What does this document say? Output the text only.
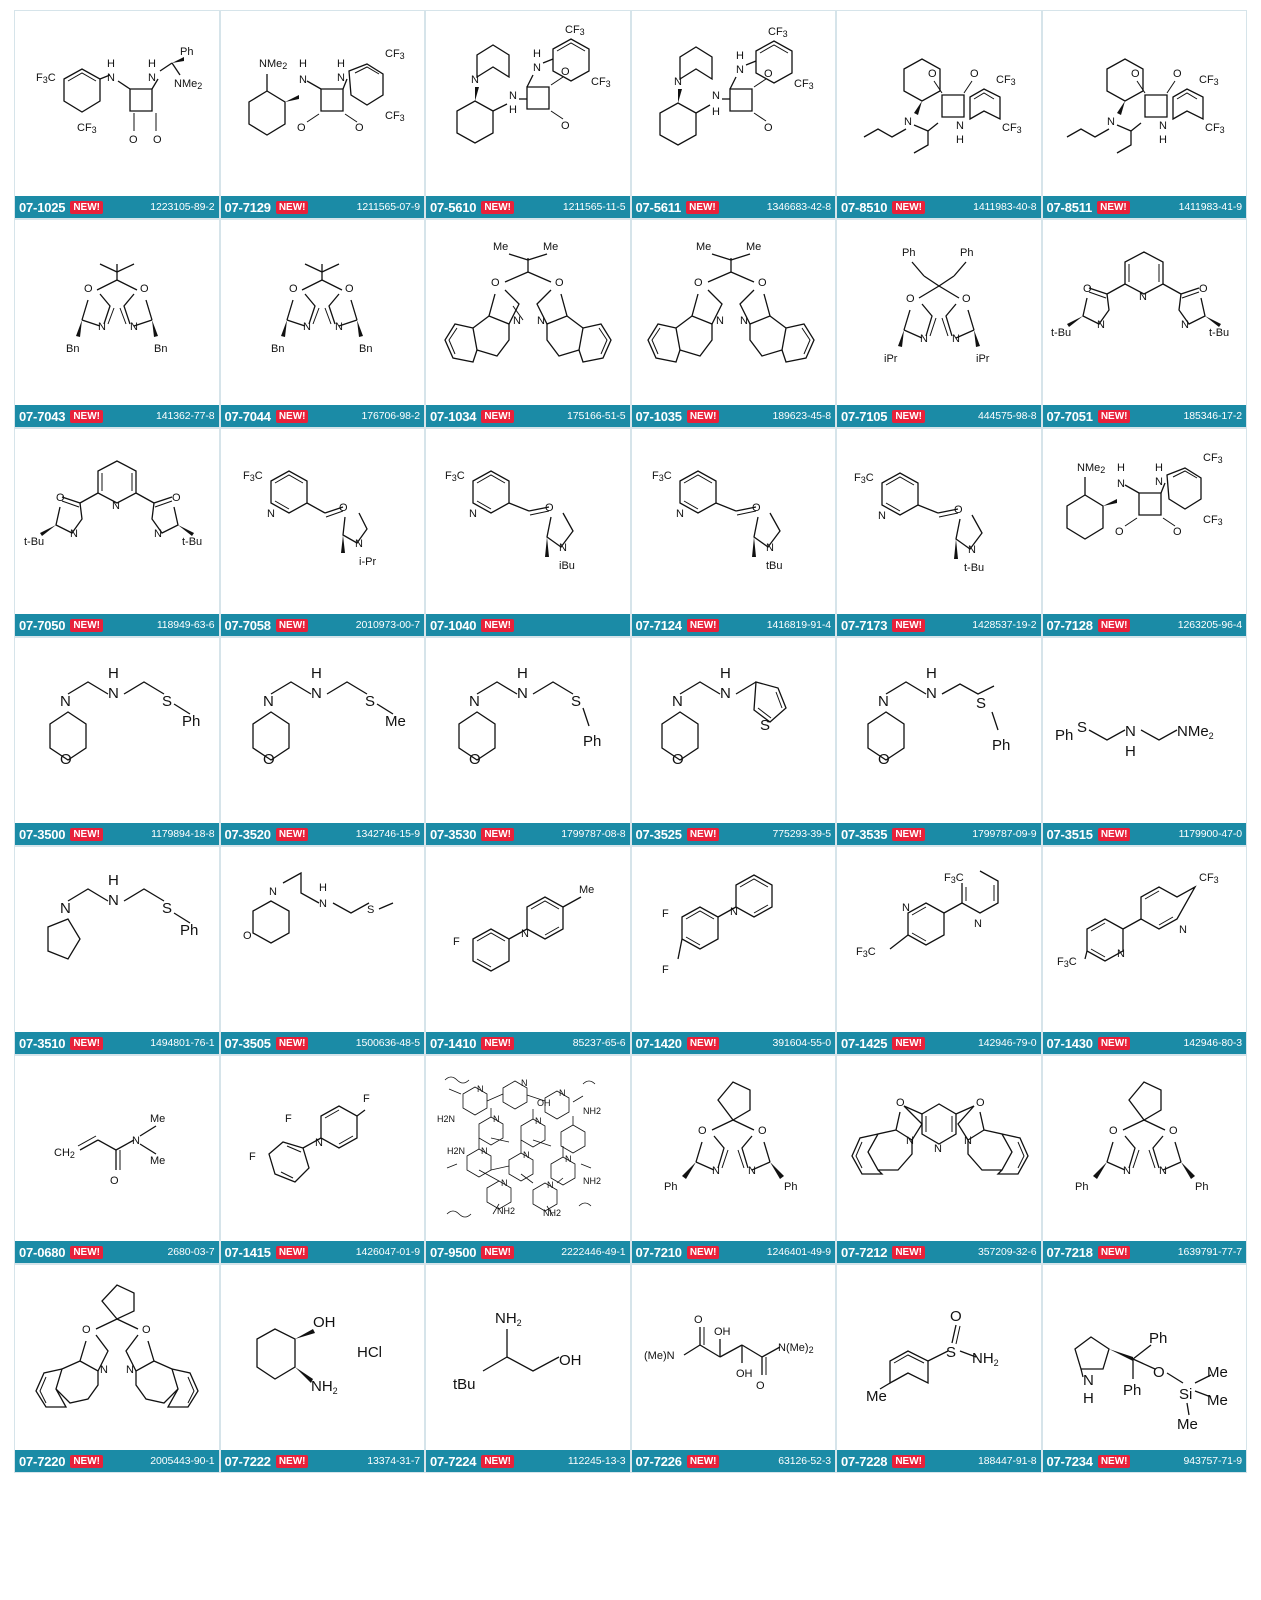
F3C
CF3
H
N
O O
H
N
Ph
NMe2
07-1025 NEW!	1223105-89-2
NMe2 H
N
O	O
H
N
CF3
CF3
07-7129 NEW!	1211565-07-9
CF3
CF3
H
N
O
O
N
H
N
07-5610 NEW!	1211565-11-5
CF3
CF3
H
N
O
O
N
H
N
07-5611 NEW!	1346683-42-8
N
O	O
N
H
CF3
CF3
07-8510 NEW!	1411983-40-8
N
O	O
N
H
CF3
CF3
07-8511 NEW!	1411983-41-9
O	O
N N
Bn	Bn
07-7043 NEW!	141362-77-8
O	O
N N
Bn	Bn
07-7044 NEW!	176706-98-2
Me	Me
O	O
N N
07-1034 NEW!	175166-51-5
Me	Me
O	O
N N
07-1035 NEW!	189623-45-8
Ph	Ph
O	O
N N
iPr	iPr
07-7105 NEW!	444575-98-8
N
O	O
N	N
t-Bu	t-Bu
07-7051 NEW!	185346-17-2
N
O	O
N	N
t-Bu	t-Bu
07-7050 NEW!	118949-63-6
F3C
N	O
N
i-Pr
07-7058 NEW!	2010973-00-7
F3C
N	O
N
iBu
07-1040 NEW!
F3C
N	O
N
tBu
07-7124 NEW!	1416819-91-4
F3C
N	O
N
t-Bu
07-7173 NEW!	1428537-19-2
NMe2 H
N
O	O
H
N
CF3
CF3
07-7128 NEW!	1263205-96-4
H
N	S
Ph
N
O
07-3500 NEW!	1179894-18-8
H
N	S
Me
N
O
07-3520 NEW!	1342746-15-9
H
N	S
Ph
N
O
07-3530 NEW!	1799787-08-8
H
N
S
N
O
07-3525 NEW!	775293-39-5
H
N
S
Ph
N
O
07-3535 NEW!	1799787-09-9
Ph S	N
H
NMe$_2$
07-3515 NEW!	1179900-47-0
H
N	S
Ph
N
07-3510 NEW!	1494801-76-1
H
N	S
N
O
07-3505 NEW!	1500636-48-5
F
N
Me
07-1410 NEW!	85237-65-6
F
F
N
07-1420 NEW!	391604-55-0
F3C
N
N
F3C
07-1425 NEW!	142946-79-0
CF3
N
N
F3C
07-1430 NEW!	142946-80-3
CH2
O
N
Me
Me
07-0680 NEW!	2680-03-7
F
F
N
F
07-1415 NEW!	1426047-01-9
H2N
H2N
NH2	NH2
NH2
NH2
N
N
N
N	N
N	N	N
N	N
OH
07-9500 NEW!	2222446-49-1
O	O
N	N
Ph	Ph
07-7210 NEW!	1246401-49-9
N
O	O
N	N
07-7212 NEW!	357209-32-6
O	O
N	N
Ph	Ph
07-7218 NEW!	1639791-77-7
O	O
N N
07-7220 NEW!	2005443-90-1
OH
$NH_2$
HCl
07-7222 NEW!	13374-31-7
$NH_2$
tBu
OH
07-7224 NEW!	112245-13-3
(Me)N
O
OH
OH
O
N(Me)2
07-7226 NEW!	63126-52-3
Me
S
O
$NH_2$
07-7228 NEW!	188447-91-8
N
H
Ph
Ph
O
Si
Me
Me
Me
07-7234 NEW!	943757-71-9
